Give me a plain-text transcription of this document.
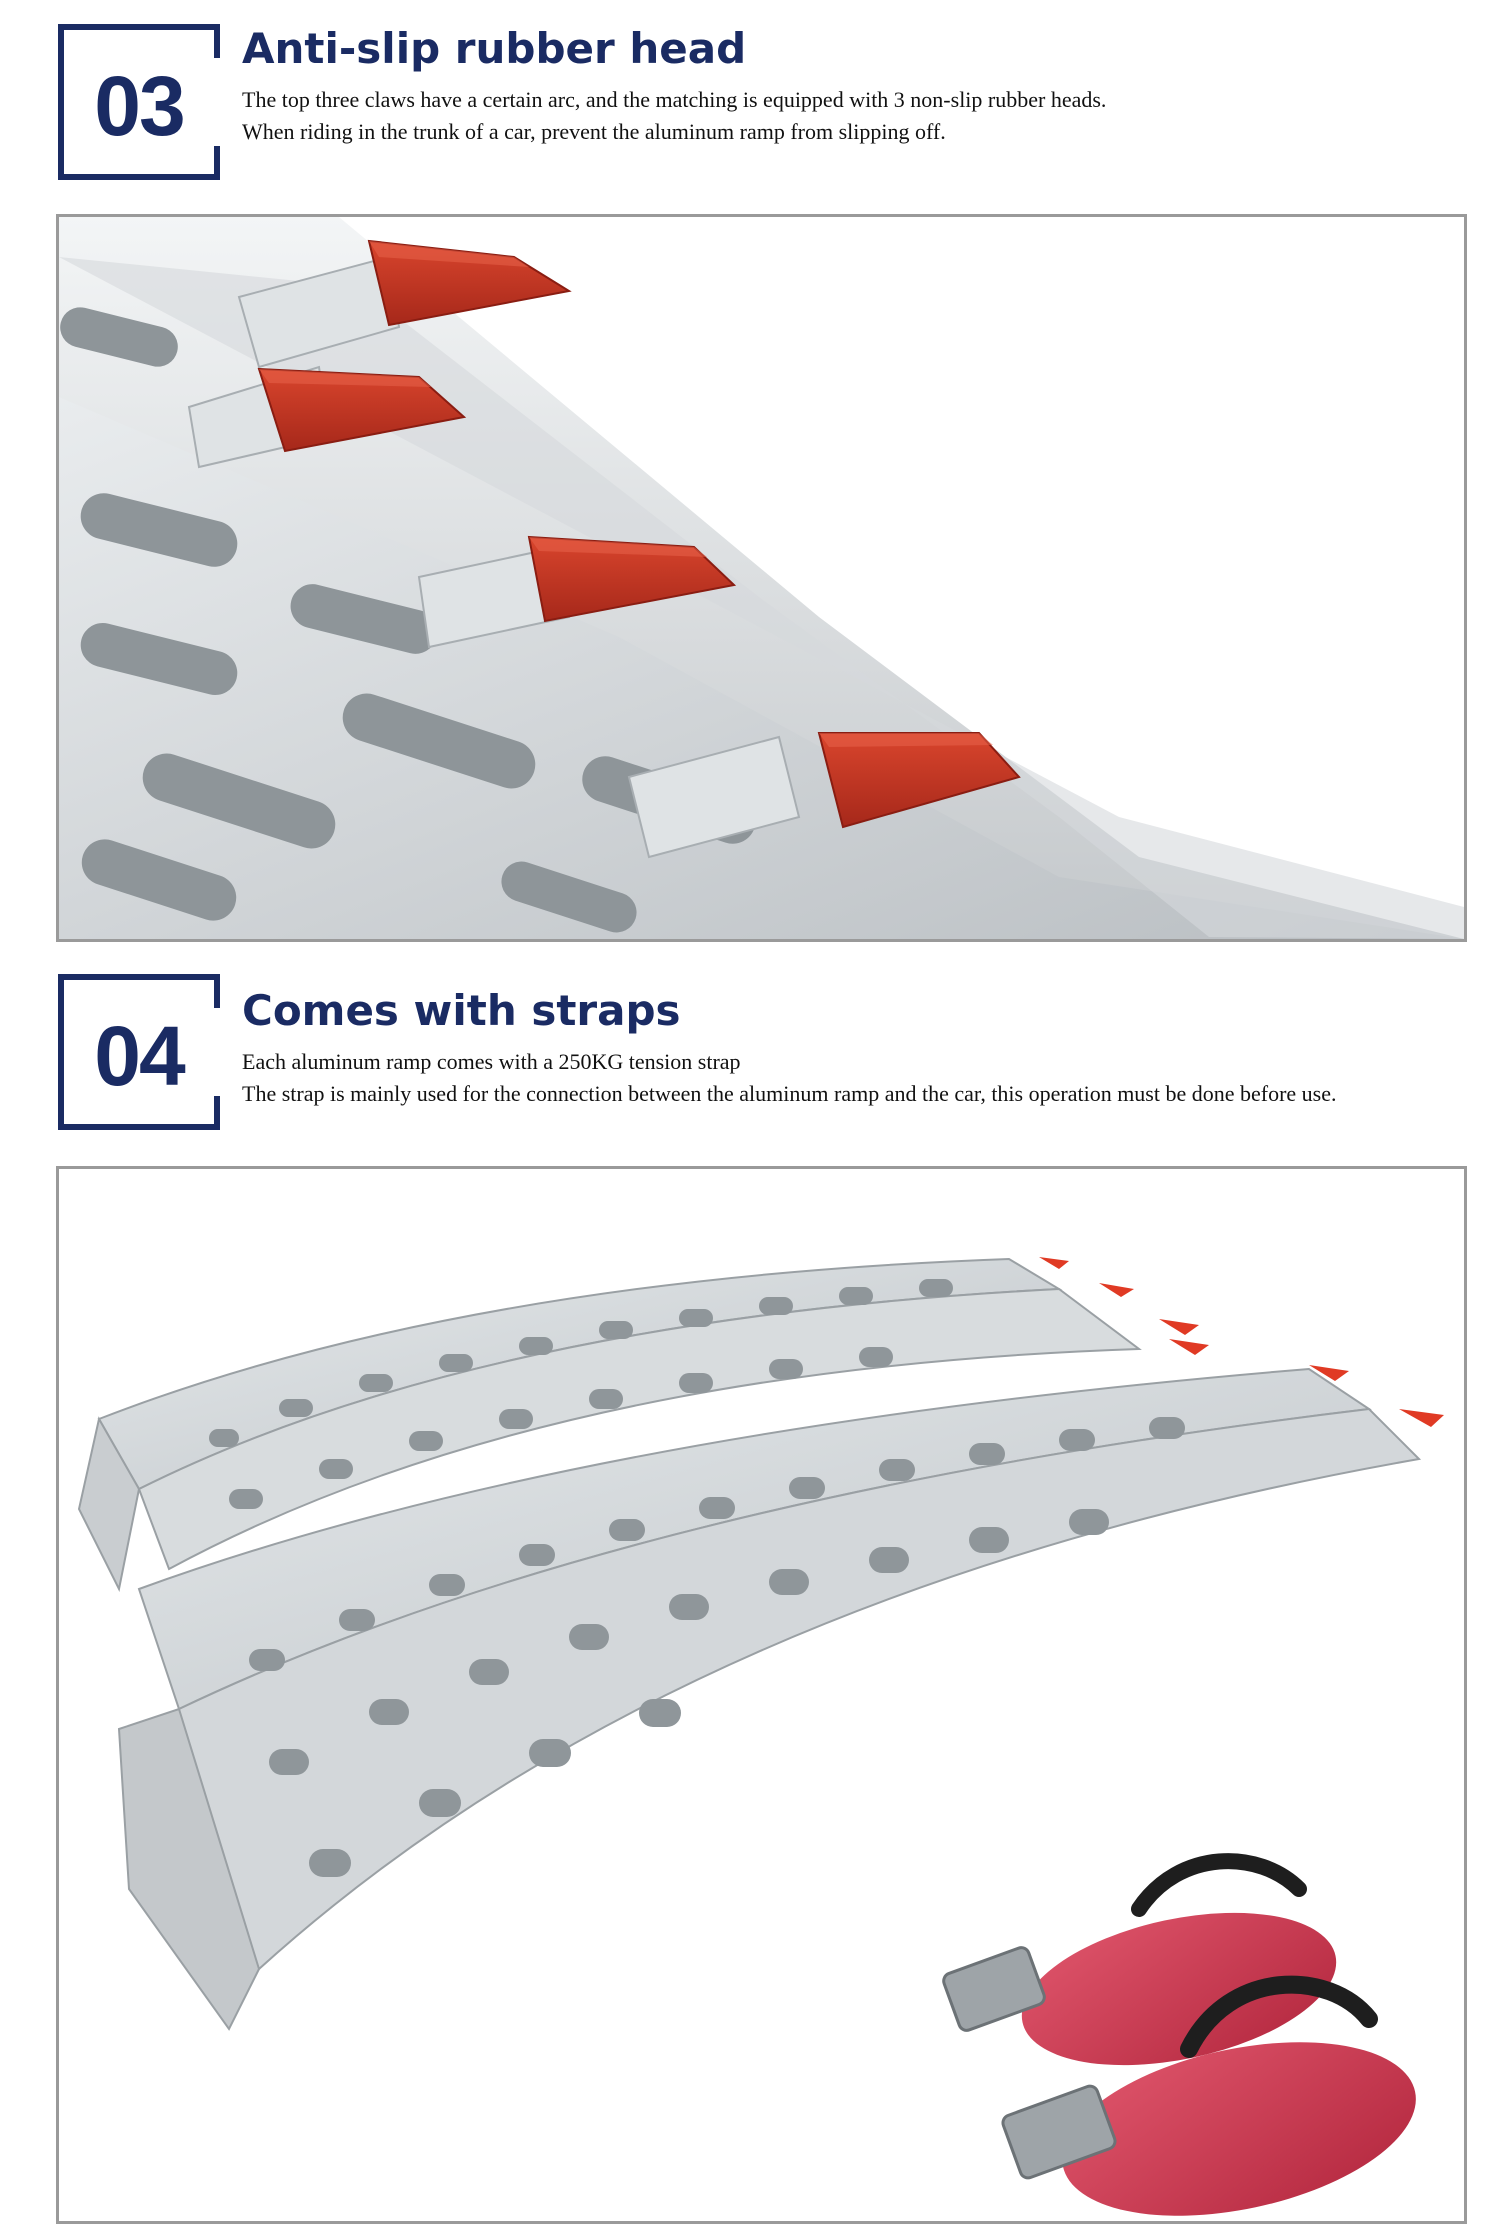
03
Anti-slip rubber head
The top three claws have a certain arc, and the matching is equipped with 3 non-slip rubber heads.
When riding in the trunk of a car, prevent the aluminum ramp from slipping off.
04	Comes with straps
Each aluminum ramp comes with a 250KG tension strap
The strap is mainly used for the connection between the aluminum ramp and the car, this operation must be done before use.
